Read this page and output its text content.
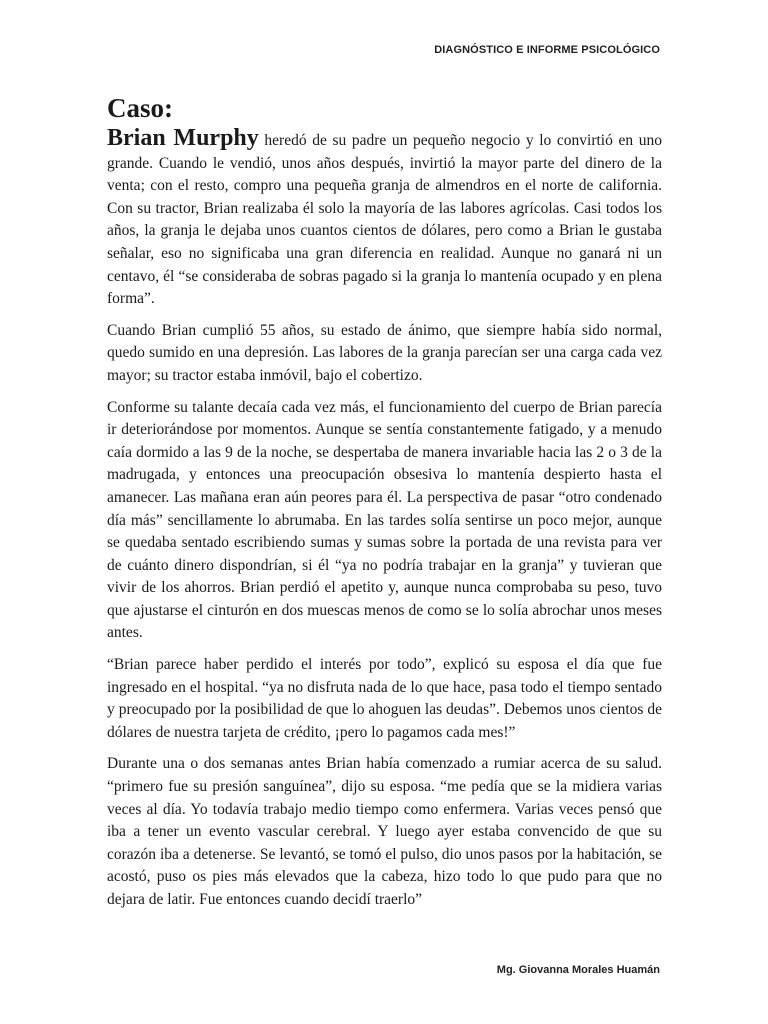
DIAGNÓSTICO E INFORME PSICOLÓGICO
Caso:

Brian Murphy heredó de su padre un pequeño negocio y lo convirtió en uno grande. Cuando le vendió, unos años después, invirtió la mayor parte del dinero de la venta; con el resto, compro una pequeña granja de almendros en el norte de california. Con su tractor, Brian realizaba él solo la mayoría de las labores agrícolas. Casi todos los años, la granja le dejaba unos cuantos cientos de dólares, pero como a Brian le gustaba señalar, eso no significaba una gran diferencia en realidad. Aunque no ganará ni un centavo, él “se consideraba de sobras pagado si la granja lo mantenía ocupado y en plena forma”.

Cuando Brian cumplió 55 años, su estado de ánimo, que siempre había sido normal, quedo sumido en una depresión. Las labores de la granja parecían ser una carga cada vez mayor; su tractor estaba inmóvil, bajo el cobertizo.

Conforme su talante decaía cada vez más, el funcionamiento del cuerpo de Brian parecía ir deteriorándose por momentos. Aunque se sentía constantemente fatigado, y a menudo caía dormido a las 9 de la noche, se despertaba de manera invariable hacia las 2 o 3 de la madrugada, y entonces una preocupación obsesiva lo mantenía despierto hasta el amanecer. Las mañana eran aún peores para él. La perspectiva de pasar “otro condenado día más” sencillamente lo abrumaba. En las tardes solía sentirse un poco mejor, aunque se quedaba sentado escribiendo sumas y sumas sobre la portada de una revista para ver de cuánto dinero dispondrían, si él “ya no podría trabajar en la granja” y tuvieran que vivir de los ahorros. Brian perdió el apetito y, aunque nunca comprobaba su peso, tuvo que ajustarse el cinturón en dos muescas menos de como se lo solía abrochar unos meses antes.

“Brian parece haber perdido el interés por todo”, explicó su esposa el día que fue ingresado en el hospital. “ya no disfruta nada de lo que hace, pasa todo el tiempo sentado y preocupado por la posibilidad de que lo ahoguen las deudas”. Debemos unos cientos de dólares de nuestra tarjeta de crédito, ¡pero lo pagamos cada mes!”

Durante una o dos semanas antes Brian había comenzado a rumiar acerca de su salud. “primero fue su presión sanguínea”, dijo su esposa. “me pedía que se la midiera varias veces al día. Yo todavía trabajo medio tiempo como enfermera. Varias veces pensó que iba a tener un evento vascular cerebral. Y luego ayer estaba convencido de que su corazón iba a detenerse. Se levantó, se tomó el pulso, dio unos pasos por la habitación, se acostó, puso os pies más elevados que la cabeza, hizo todo lo que pudo para que no dejara de latir. Fue entonces cuando decidí traerlo”

Mg. Giovanna Morales Huamán
